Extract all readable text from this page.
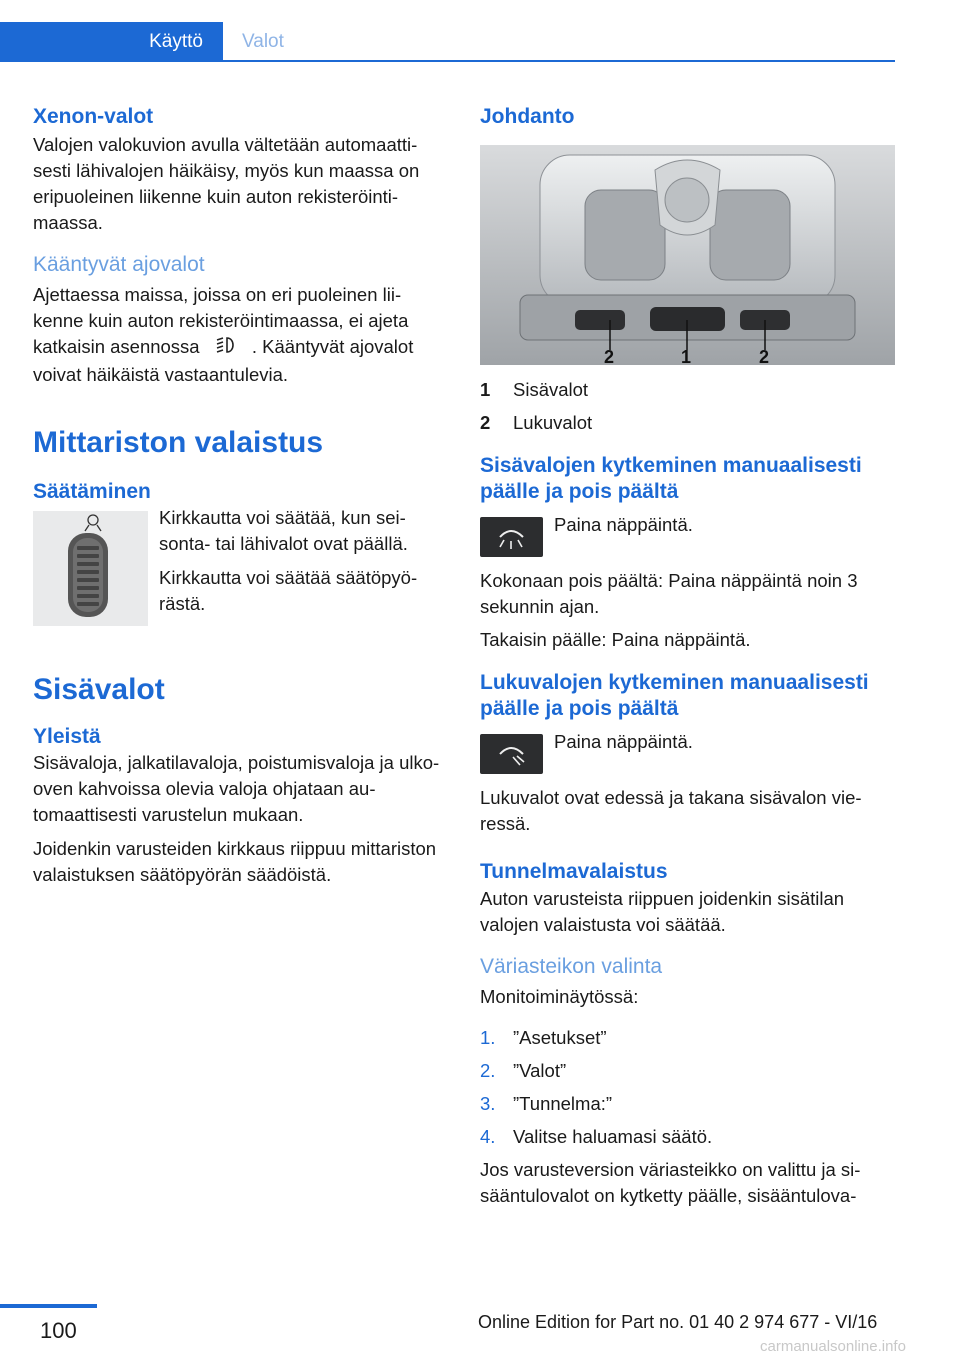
Käyttö Valot
Xenon-valot

Valojen valokuvion avulla vältetään automaattisesti lähivalojen häikäisy, myös kun maassa on eripuoleinen liikenne kuin auton rekisteröintimaassa.

Kääntyvät ajovalot

Ajettaessa maissa, joissa on eri puoleinen liikenne kuin auton rekisteröintimaassa, ei ajeta katkaisin asennossa	. Kääntyvät ajovalot voivat häikäistä vastaantulevia.

Mittariston valaistus
Säätäminen

Kirkkautta voi säätää, kun seisonta- tai lähivalot ovat päällä.

Kirkkautta voi säätää säätöpyörästä.

Sisävalot
Yleistä

Sisävaloja, jalkatilavaloja, poistumisvaloja ja ulko-oven kahvoissa olevia valoja ohjataan automaattisesti varustelun mukaan.

Joidenkin varusteiden kirkkaus riippuu mittariston valaistuksen säätöpyörän säädöistä.

Johdanto
2	1	2
1	Sisävalot
2	Lukuvalot
Sisävalojen kytkeminen manuaalisesti päälle ja pois päältä

Paina näppäintä.

Kokonaan pois päältä: Paina näppäintä noin 3 sekunnin ajan.

Takaisin päälle: Paina näppäintä.

Lukuvalojen kytkeminen manuaalisesti päälle ja pois päältä

Paina näppäintä.

Lukuvalot ovat edessä ja takana sisävalon vieressä.

Tunnelmavalaistus

Auton varusteista riippuen joidenkin sisätilan valojen valaistusta voi säätää.

Väriasteikon valinta

Monitoiminäytössä:

1. ”Asetukset”
2. ”Valot”
3. ”Tunnelma:”
4. Valitse haluamasi säätö.

Jos varusteversion väriasteikko on valittu ja sisääntulovalot on kytketty päälle, sisääntulova-

100	Online Edition for Part no. 01 40 2 974 677 - VI/16
carmanualsonline.info
